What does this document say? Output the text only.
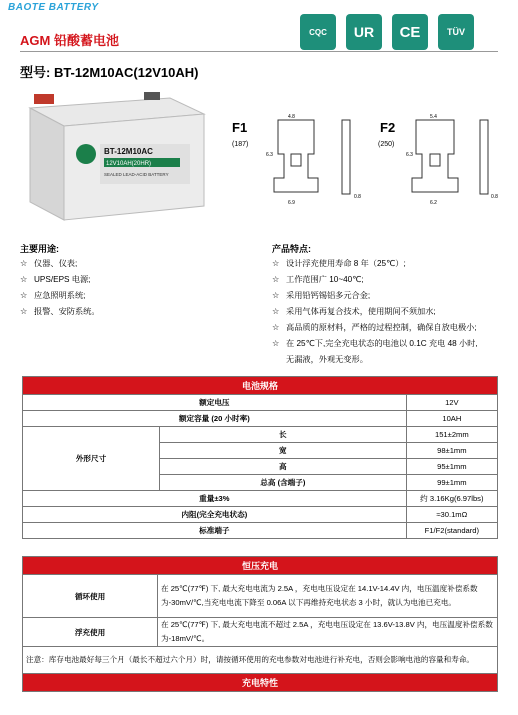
BAOTE BATTERY
CQC UR CE	TÜV
AGM 铅酸蓄电池
型号: BT-12M10AC(12V10AH)
BT-12M10AC
12V10AH(20HR)
SEALED LEAD-ACID BATTERY
F1
(187)
4.8
6.3
6.9
0.8
F2
(250)
5.4
6.3
6.2
0.8
主要用途:
☆ 仪器、仪表;
☆ UPS/EPS 电源;
☆ 应急照明系统;
☆ 报警、安防系统。
产品特点:
☆ 设计浮充使用寿命 8 年（25℃）;
☆ 工作范围广 10~40℃;
☆ 采用铅钙锡铝多元合金;
☆ 采用气体再复合技术，使用期间不须加水;
☆ 高品质的原材料，严格的过程控制，确保自放电极小;
☆ 在 25℃下,完全充电状态的电池以 0.1C 充电 48 小时,
无漏液，外观无变形。
电池规格		
额定电压		12V
额定容量 (20 小时率)		10AH
外形尺寸	长	151±2mm
	宽	98±1mm
	高	95±1mm
	总高 (含端子)	99±1mm
重量±3%		约 3.16Kg(6.97lbs)
内阻(完全充电状态)		≈30.1mΩ
标准端子		F1/F2(standard)
恒压充电	
循环使用	在 25℃(77℉) 下, 最大充电电流为 2.5A ，充电电压设定在 14.1V-14.4V 内，电压温度补偿系数为-30mV/℃,当充电电流下降至 0.06A 以下再维持充电状态 3 小时，就认为电池已充电。
浮充使用	在 25℃(77℉) 下, 最大充电电流不超过 2.5A ，充电电压设定在 13.6V-13.8V 内，电压温度补偿系数为-18mV/℃。
注意：库存电池最好每三个月（最长不超过六个月）时，请按循环使用的充电参数对电池进行补充电，否则会影响电池的容量和寿命。	
充电特性	
